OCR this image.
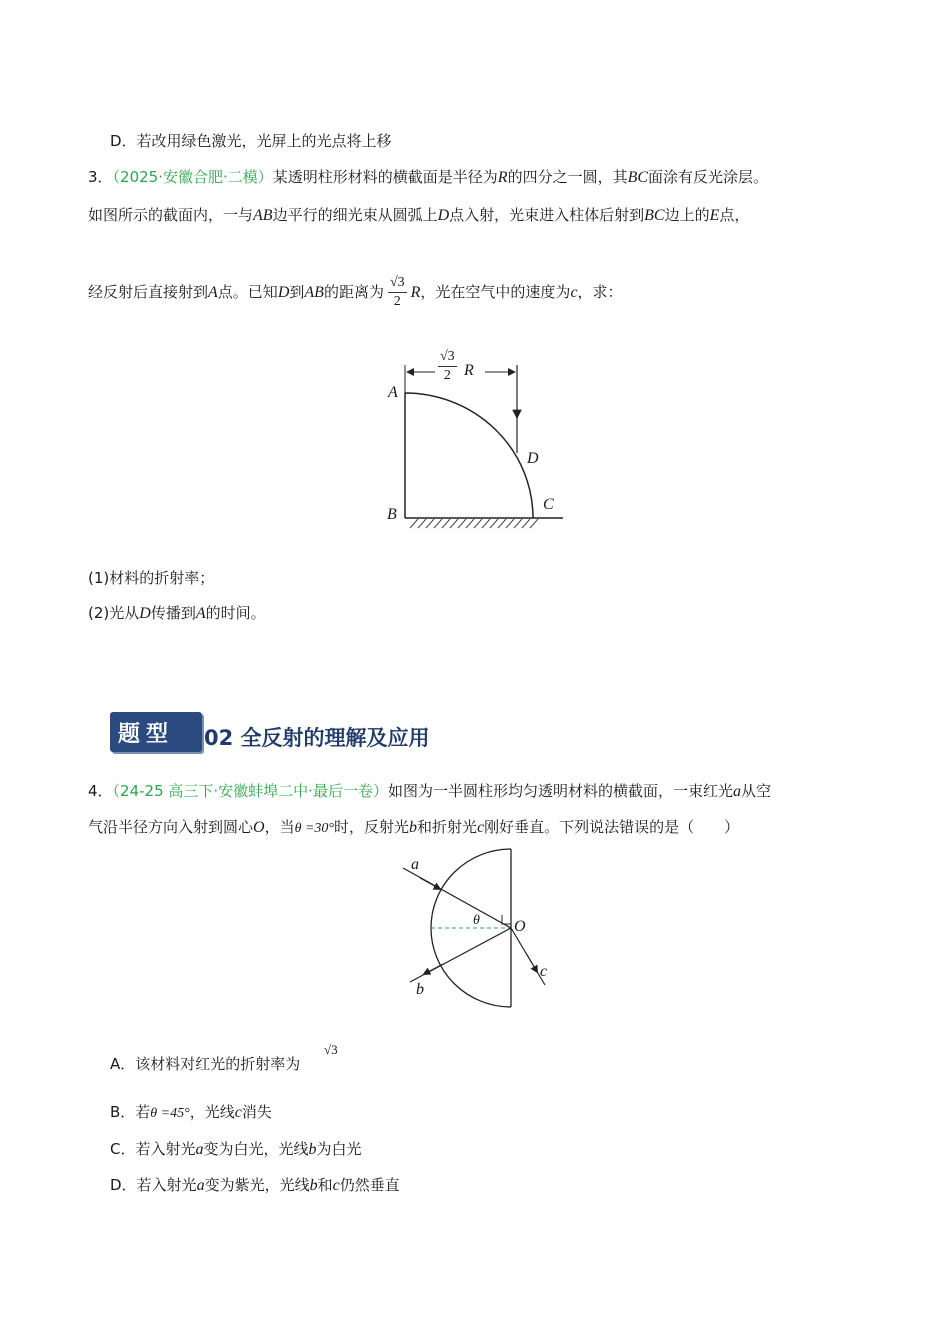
D．若改用绿色激光，光屏上的光点将上移
3．（2025·安徽合肥·二模）某透明柱形材料的横截面是半径为R的四分之一圆，其BC面涂有反光涂层。
如图所示的截面内，一与AB边平行的细光束从圆弧上D点入射，光束进入柱体后射到BC边上的E点，
经反射后直接射到A点。已知D到AB的距离为 $\frac{√3}{2}$ R，光在空气中的速度为c，求：
$\frac{√3}{2}$ R
A
B
C
D
(1)材料的折射率；
(2)光从D传播到A的时间。
题型 02 全反射的理解及应用
4．（24-25 高三下·安徽蚌埠二中·最后一卷）如图为一半圆柱形均匀透明材料的横截面，一束红光a从空
气沿半径方向入射到圆心O，当θ =30°时，反射光b和折射光c刚好垂直。下列说法错误的是（　　）
a
b
c
O
θ
A．该材料对红光的折射率为
√3
B．若θ =45°，光线c消失
C．若入射光a变为白光，光线b为白光
D．若入射光a变为紫光，光线b和c仍然垂直
